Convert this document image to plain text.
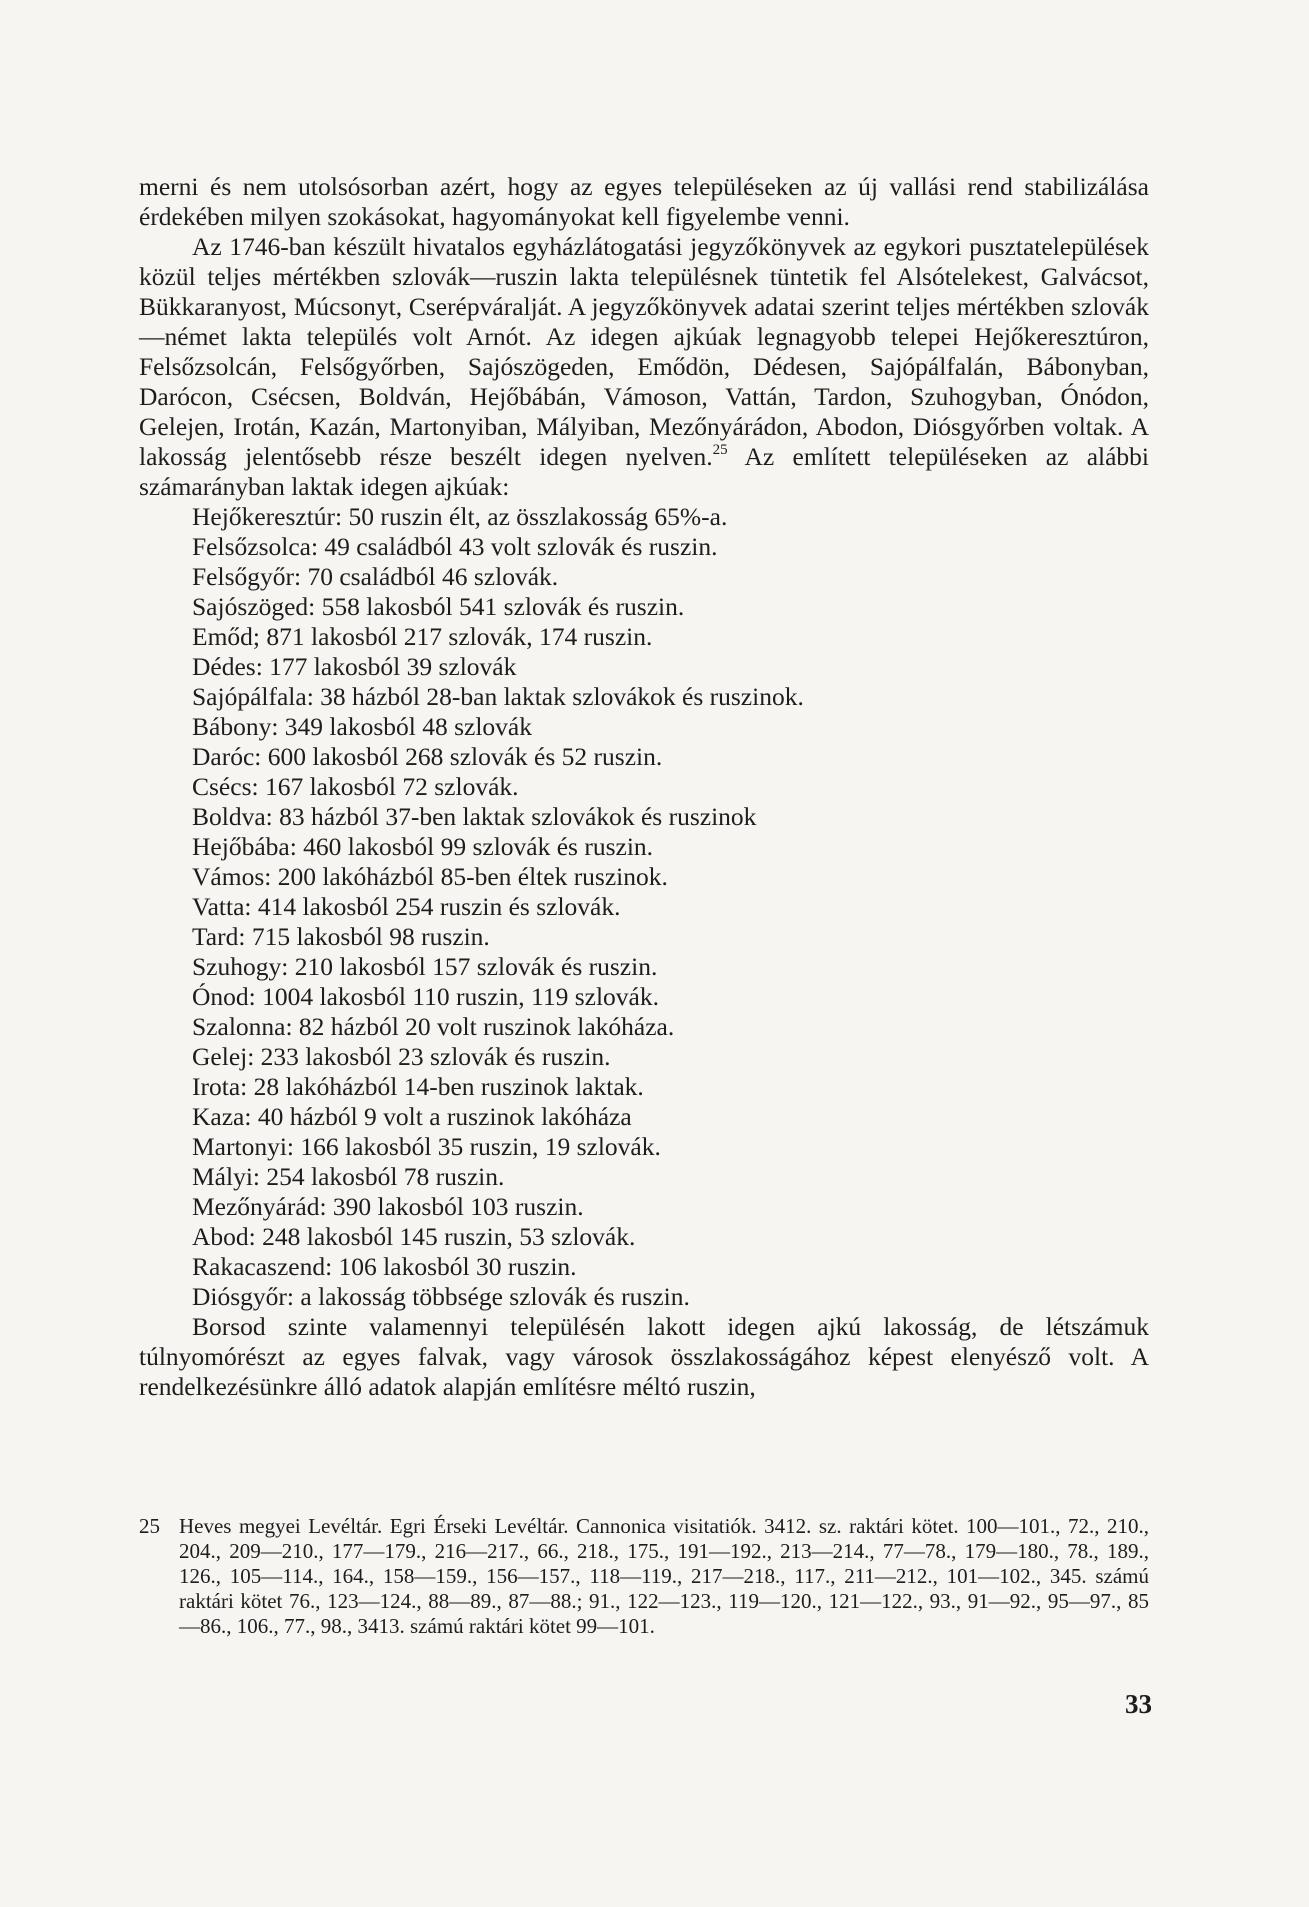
merni és nem utolsósorban azért, hogy az egyes településeken az új vallási rend stabilizálása érdekében milyen szokásokat, hagyományokat kell figyelembe venni.

Az 1746-ban készült hivatalos egyházlátogatási jegyzőkönyvek az egykori pusztatelepülések közül teljes mértékben szlovák—ruszin lakta településnek tüntetik fel Alsótelekest, Galvácsot, Bükkaranyost, Múcsonyt, Cserépváralját. A jegyzőkönyvek adatai szerint teljes mértékben szlovák—német lakta település volt Arnót. Az idegen ajkúak legnagyobb telepei Hejőkeresztúron, Felsőzsolcán, Felsőgyőrben, Sajószögeden, Emődön, Dédesen, Sajópálfalán, Bábonyban, Darócon, Csécsen, Boldván, Hejőbábán, Vámoson, Vattán, Tardon, Szuhogyban, Ónódon, Gelejen, Irotán, Kazán, Martonyiban, Mályiban, Mezőnyárádon, Abodon, Diósgyőrben voltak. A lakosság jelentősebb része beszélt idegen nyelven.$^{25}$ Az említett településeken az alábbi számarányban laktak idegen ajkúak:

Hejőkeresztúr: 50 ruszin élt, az összlakosság 65%-a.
Felsőzsolca: 49 családból 43 volt szlovák és ruszin.
Felsőgyőr: 70 családból 46 szlovák.
Sajószöged: 558 lakosból 541 szlovák és ruszin.
Emőd; 871 lakosból 217 szlovák, 174 ruszin.
Dédes: 177 lakosból 39 szlovák
Sajópálfala: 38 házból 28-ban laktak szlovákok és ruszinok.
Bábony: 349 lakosból 48 szlovák
Daróc: 600 lakosból 268 szlovák és 52 ruszin.
Csécs: 167 lakosból 72 szlovák.
Boldva: 83 házból 37-ben laktak szlovákok és ruszinok
Hejőbába: 460 lakosból 99 szlovák és ruszin.
Vámos: 200 lakóházból 85-ben éltek ruszinok.
Vatta: 414 lakosból 254 ruszin és szlovák.
Tard: 715 lakosból 98 ruszin.
Szuhogy: 210 lakosból 157 szlovák és ruszin.
Ónod: 1004 lakosból 110 ruszin, 119 szlovák.
Szalonna: 82 házból 20 volt ruszinok lakóháza.
Gelej: 233 lakosból 23 szlovák és ruszin.
Irota: 28 lakóházból 14-ben ruszinok laktak.
Kaza: 40 házból 9 volt a ruszinok lakóháza
Martonyi: 166 lakosból 35 ruszin, 19 szlovák.
Mályi: 254 lakosból 78 ruszin.
Mezőnyárád: 390 lakosból 103 ruszin.
Abod: 248 lakosból 145 ruszin, 53 szlovák.
Rakacaszend: 106 lakosból 30 ruszin.
Diósgyőr: a lakosság többsége szlovák és ruszin.

Borsod szinte valamennyi településén lakott idegen ajkú lakosság, de létszámuk túlnyomórészt az egyes falvak, vagy városok összlakosságához képest elenyésző volt. A rendelkezésünkre álló adatok alapján említésre méltó ruszin,

25 Heves megyei Levéltár. Egri Érseki Levéltár. Cannonica visitatiók. 3412. sz. raktári kötet. 100—101., 72., 210., 204., 209—210., 177—179., 216—217., 66., 218., 175., 191—192., 213—214., 77—78., 179—180., 78., 189., 126., 105—114., 164., 158—159., 156—157., 118—119., 217—218., 117., 211—212., 101—102., 345. számú raktári kötet 76., 123—124., 88—89., 87—88.; 91., 122—123., 119—120., 121—122., 93., 91—92., 95—97., 85—86., 106., 77., 98., 3413. számú raktári kötet 99—101.
33
